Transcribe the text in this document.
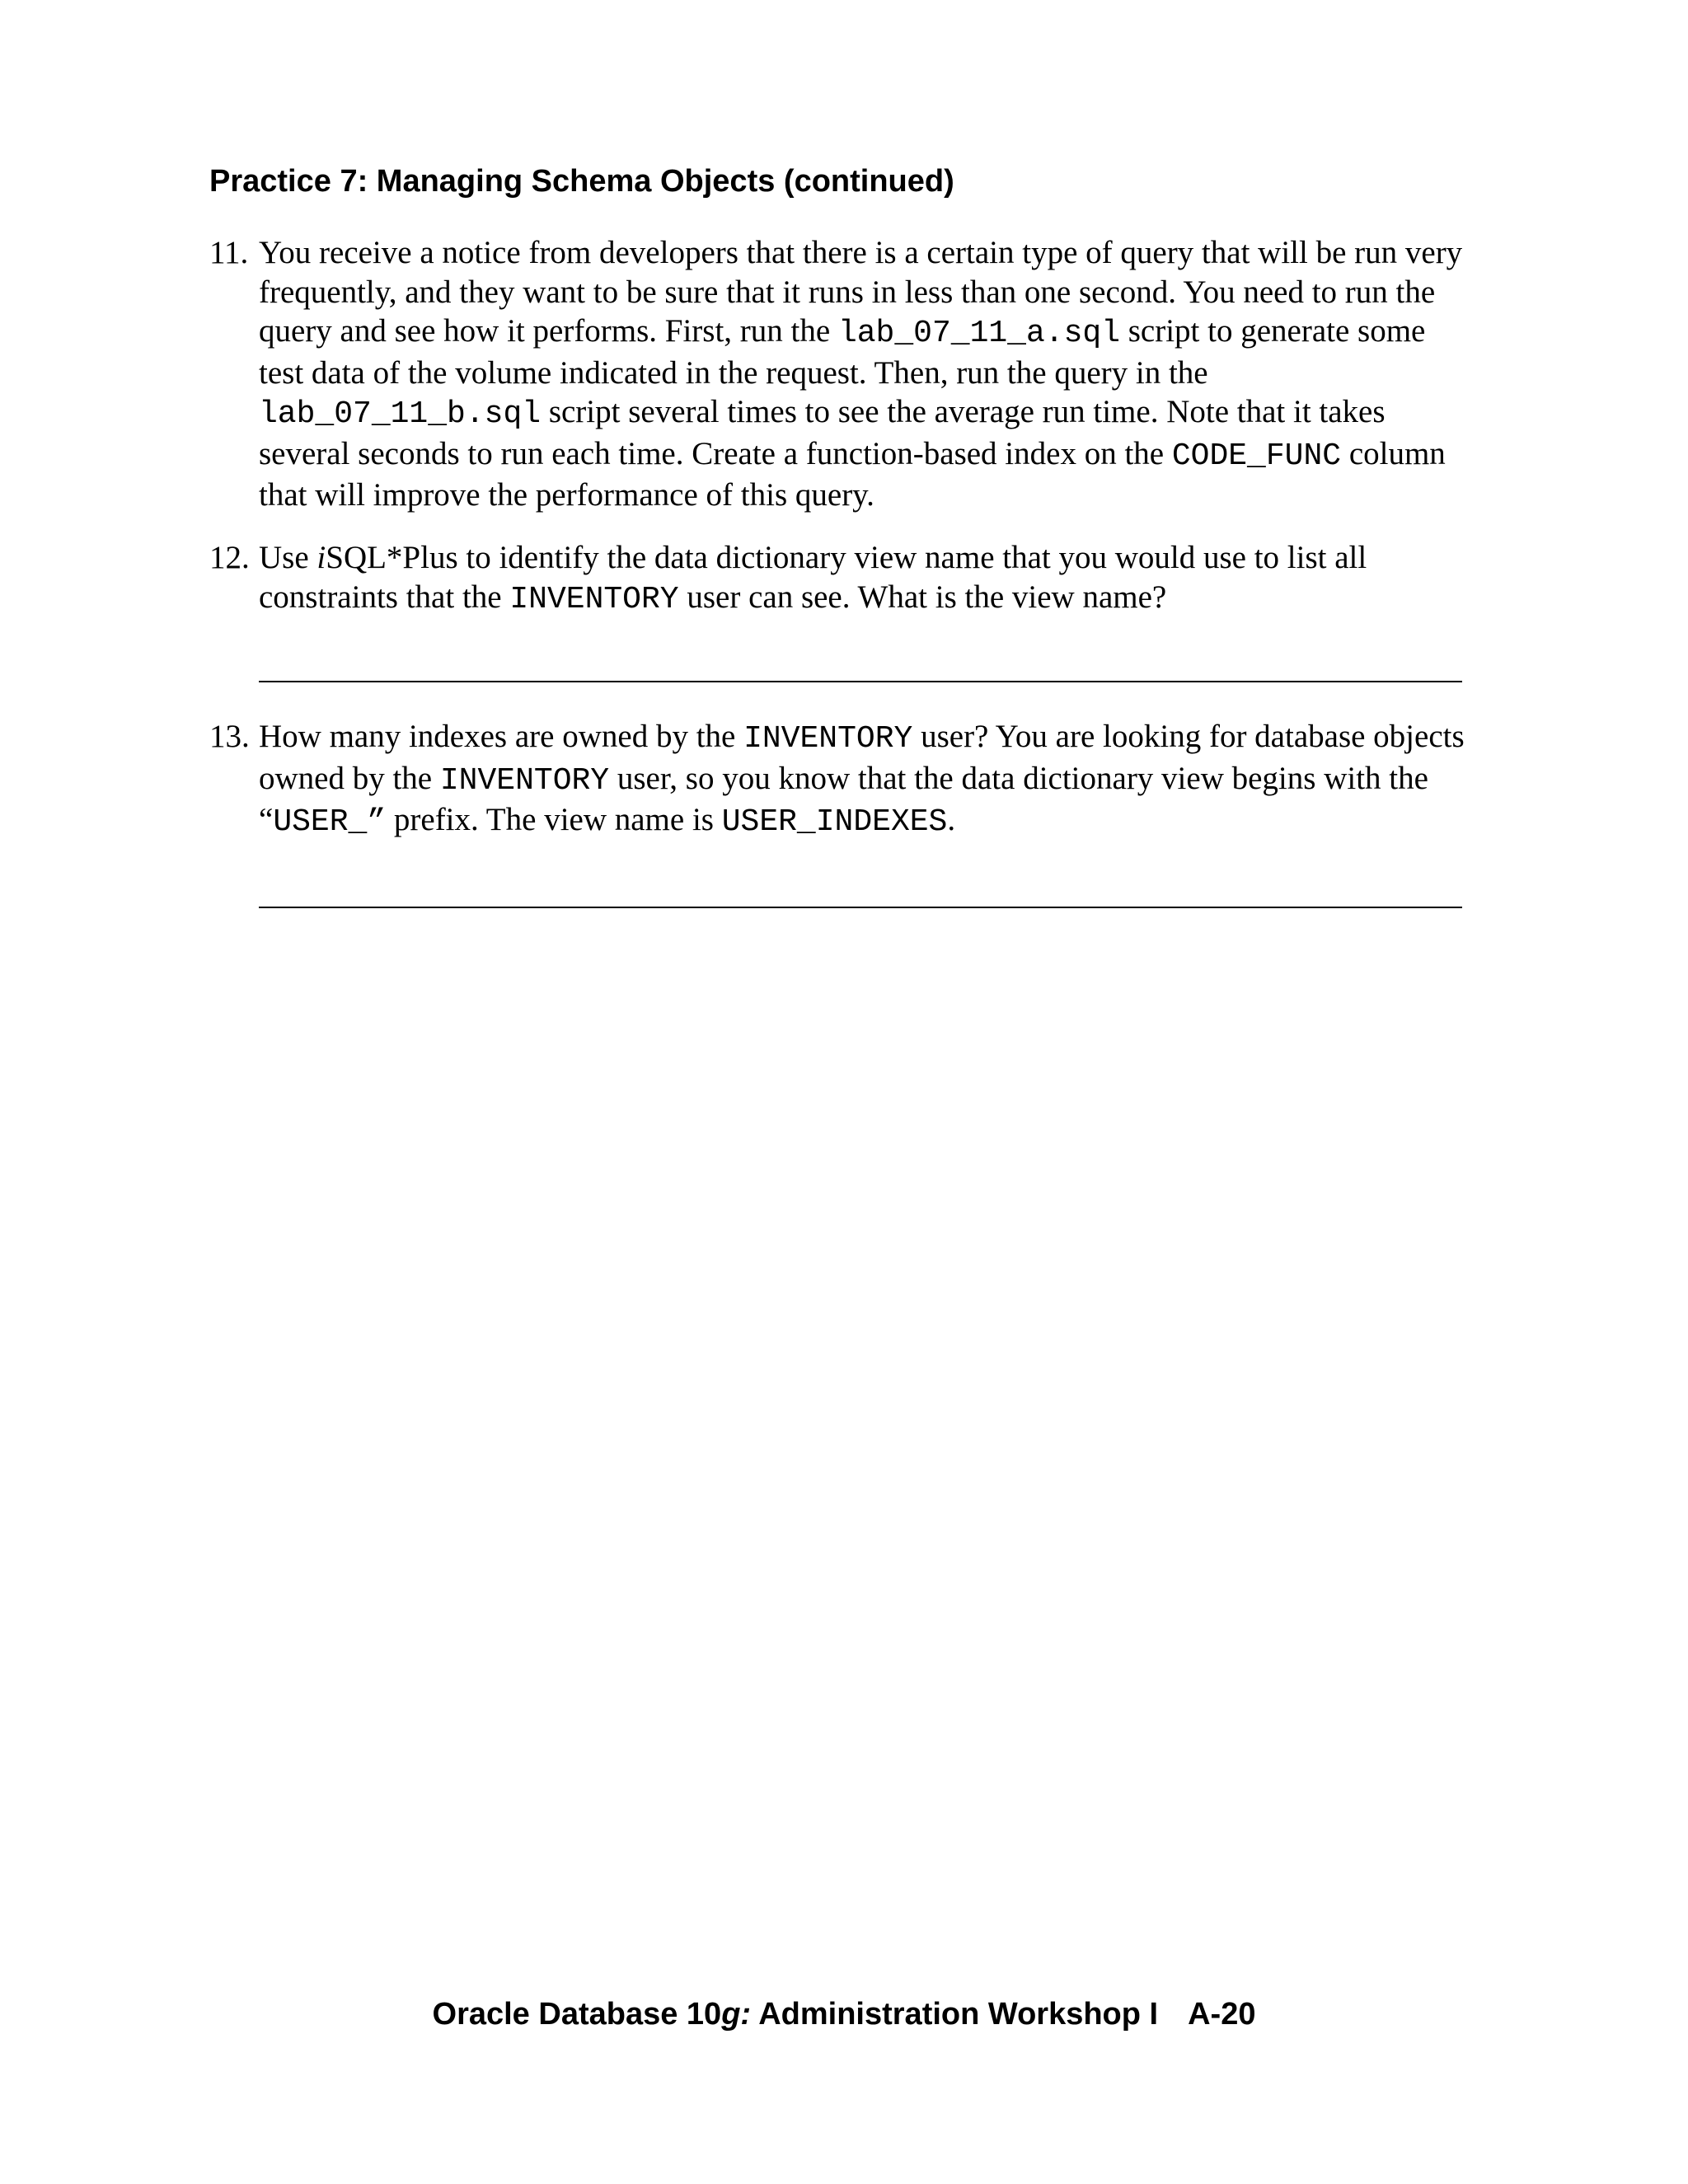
Practice 7: Managing Schema Objects (continued)
11. You receive a notice from developers that there is a certain type of query that will be run very frequently, and they want to be sure that it runs in less than one second. You need to run the query and see how it performs. First, run the lab_07_11_a.sql script to generate some test data of the volume indicated in the request. Then, run the query in the lab_07_11_b.sql script several times to see the average run time. Note that it takes several seconds to run each time. Create a function-based index on the CODE_FUNC column that will improve the performance of this query.
12. Use iSQL*Plus to identify the data dictionary view name that you would use to list all constraints that the INVENTORY user can see. What is the view name?
13. How many indexes are owned by the INVENTORY user? You are looking for database objects owned by the INVENTORY user, so you know that the data dictionary view begins with the “USER_” prefix. The view name is USER_INDEXES.
Oracle Database 10g: Administration Workshop I A-20
